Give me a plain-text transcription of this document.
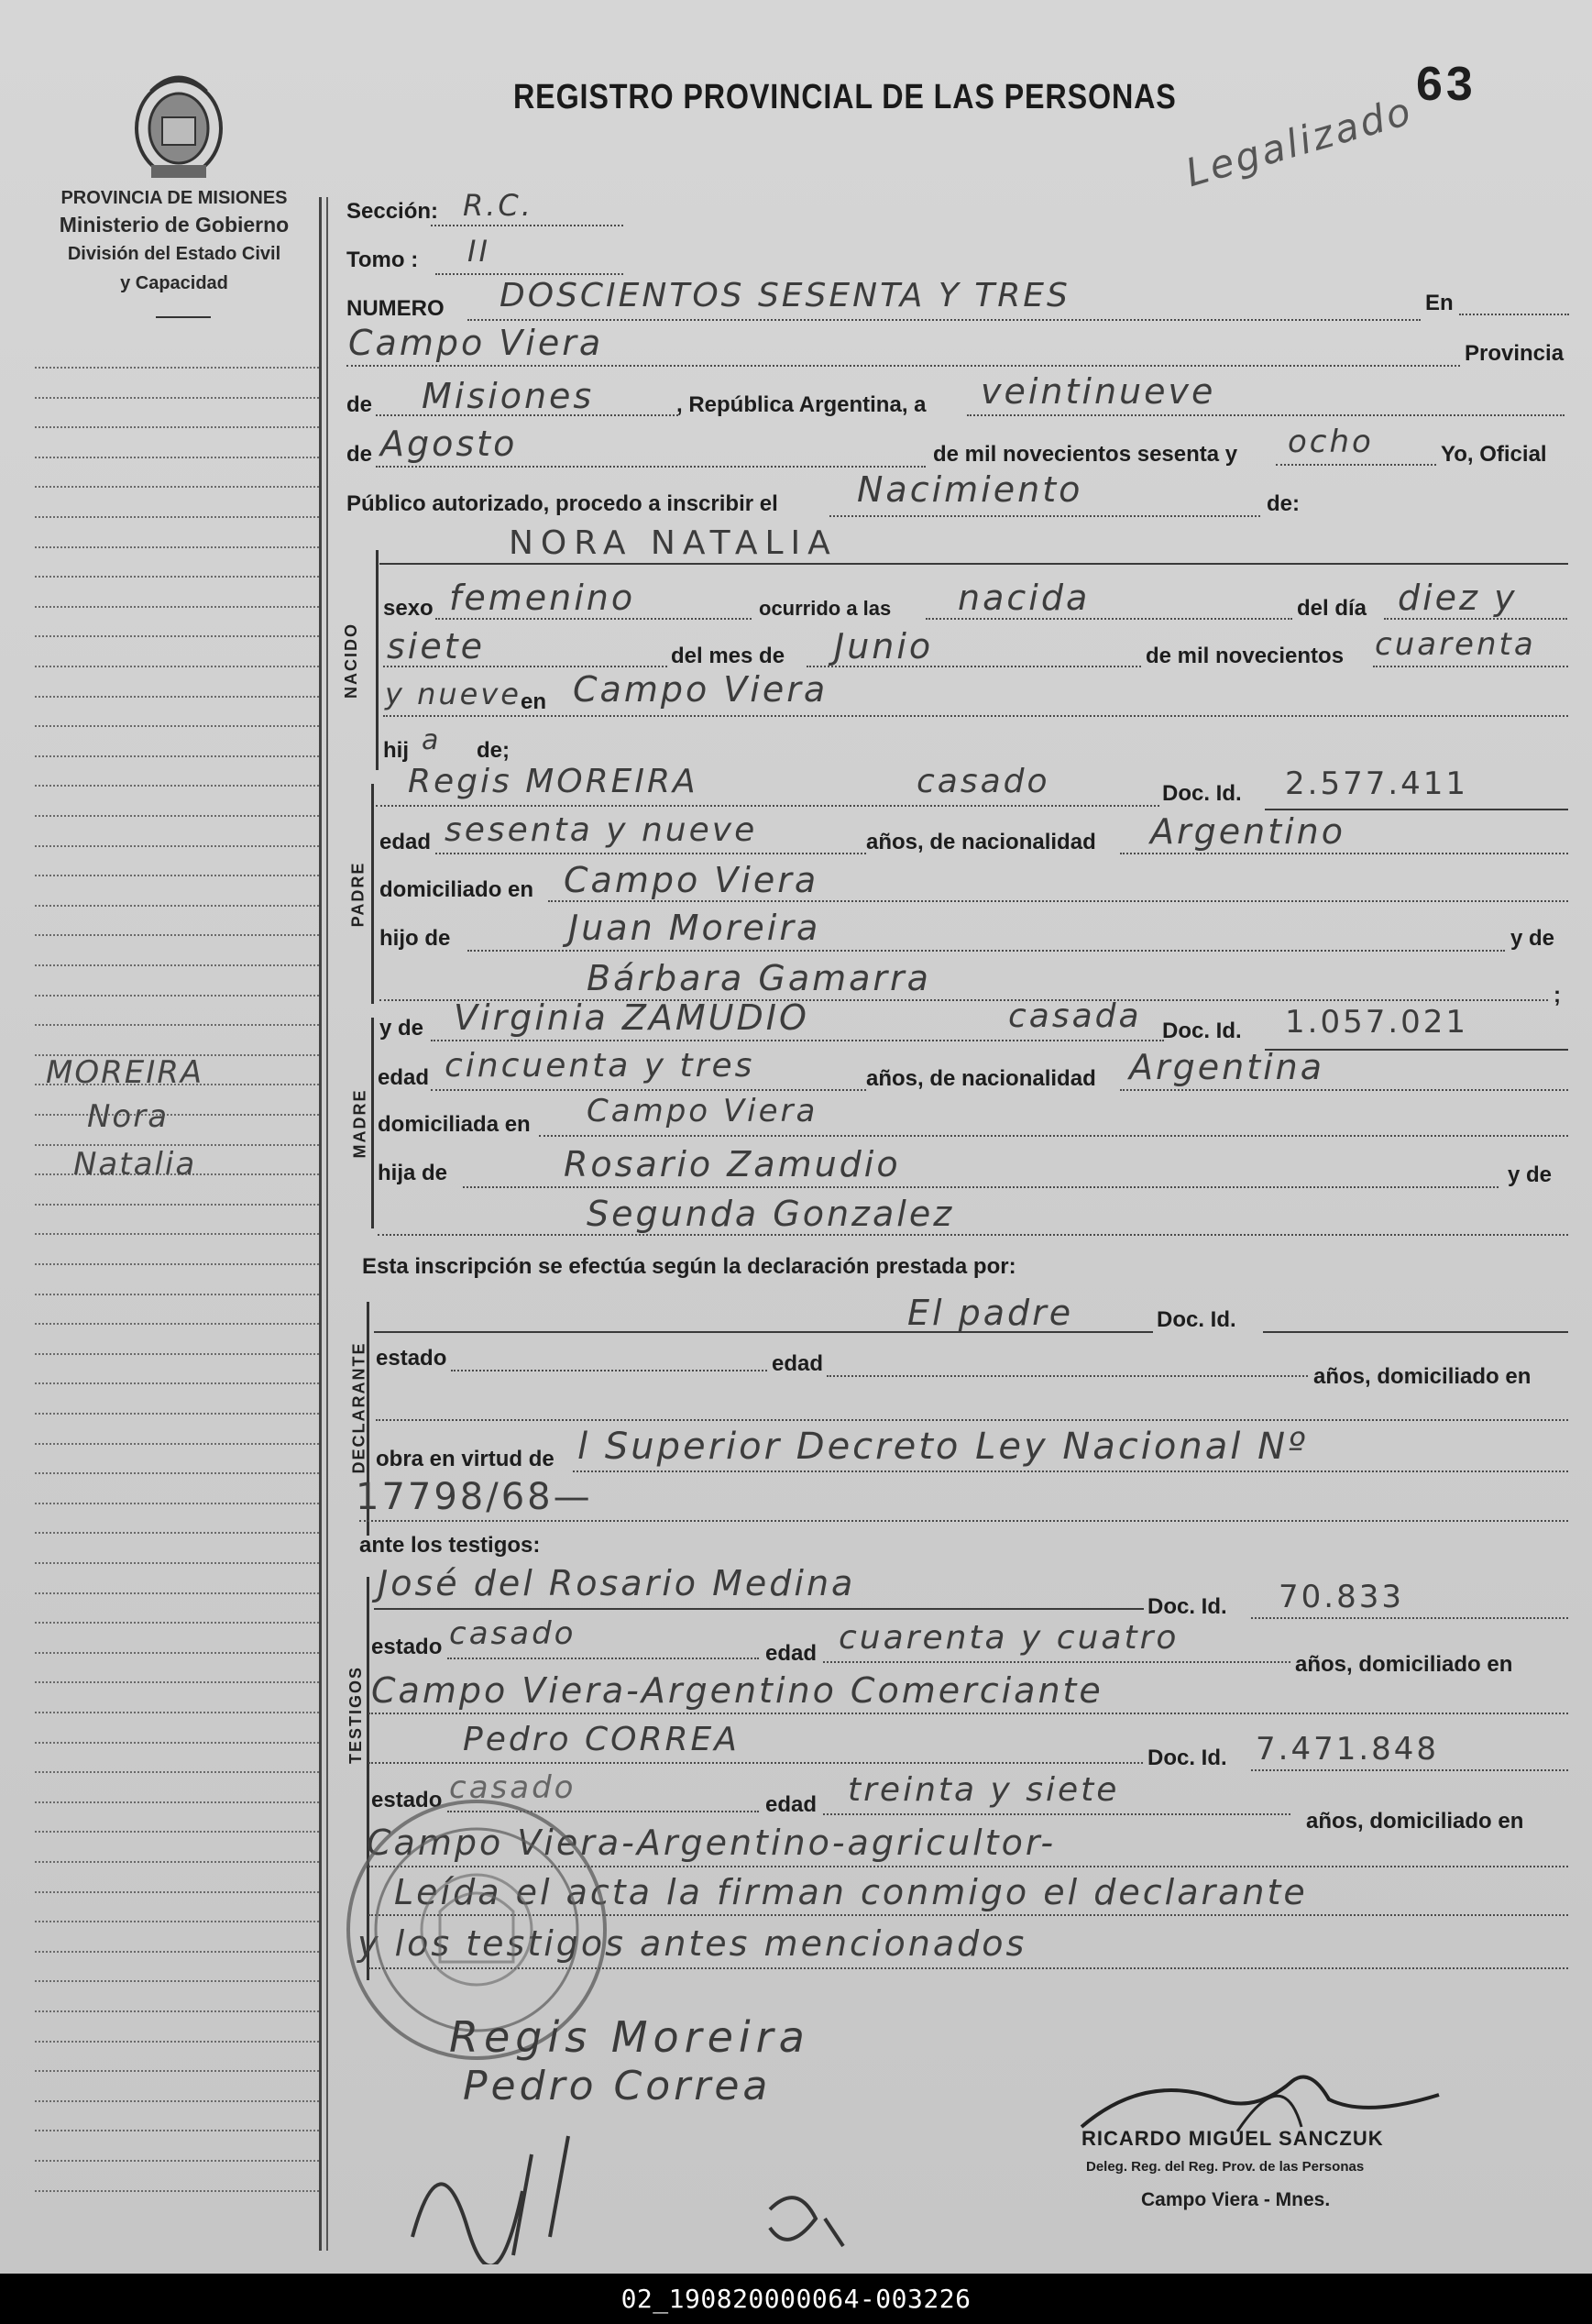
PROVINCIA DE MISIONES
Ministerio de Gobierno
División del Estado Civil
y Capacidad
REGISTRO PROVINCIAL DE LAS PERSONAS	63
Legalizado
Sección: R.C.
Tomo : II
NUMERO DOSCIENTOS SESENTA Y TRES	En
Campo Viera	Provincia
de Misiones	, República Argentina, a veintinueve
de Agosto	de mil novecientos sesenta y ocho	Yo, Oficial
Público autorizado, procedo a inscribir el Nacimiento	de:
NACIDO
NORA NATALIA
sexo femenino	ocurrido a las nacida	del día diez y
siete	del mes de Junio	de mil novecientos cuarenta
y nueve en Campo Viera
hij a de;
PADRE
Regis MOREIRA	casado	Doc. Id. 2.577.411
edad sesenta y nueve	años, de nacionalidad Argentino
domiciliado en Campo Viera
hijo de	Juan Moreira	y de
Bárbara Gamarra	;
MADRE
y de Virginia ZAMUDIO	casada Doc. Id. 1.057.021
edad cincuenta y tres	años, de nacionalidad Argentina
domiciliada en Campo Viera
hija de	Rosario Zamudio	y de
Segunda Gonzalez
Esta inscripción se efectúa según la declaración prestada por:
DECLARANTE
El padre	Doc. Id.
estado	edad
años, domiciliado en
obra en virtud de l Superior Decreto Ley Nacional Nº
17798/68—
ante los testigos:
TESTIGOS
José del Rosario Medina
Doc. Id. 70.833
estado casado
edad cuarenta y cuatro
años, domiciliado en
Campo Viera-Argentino Comerciante
Pedro CORREA	Doc. Id. 7.471.848
estado casado	edad treinta y siete
años, domiciliado en
Campo Viera-Argentino-agricultor-
Leída el acta la firman conmigo el declarante
y los testigos antes mencionados
MOREIRA
Nora
Natalia
Regis Moreira
Pedro Correa
RICARDO MIGUEL SANCZUK
Deleg. Reg. del Reg. Prov. de las Personas
Campo Viera - Mnes.
02_190820000064-003226
